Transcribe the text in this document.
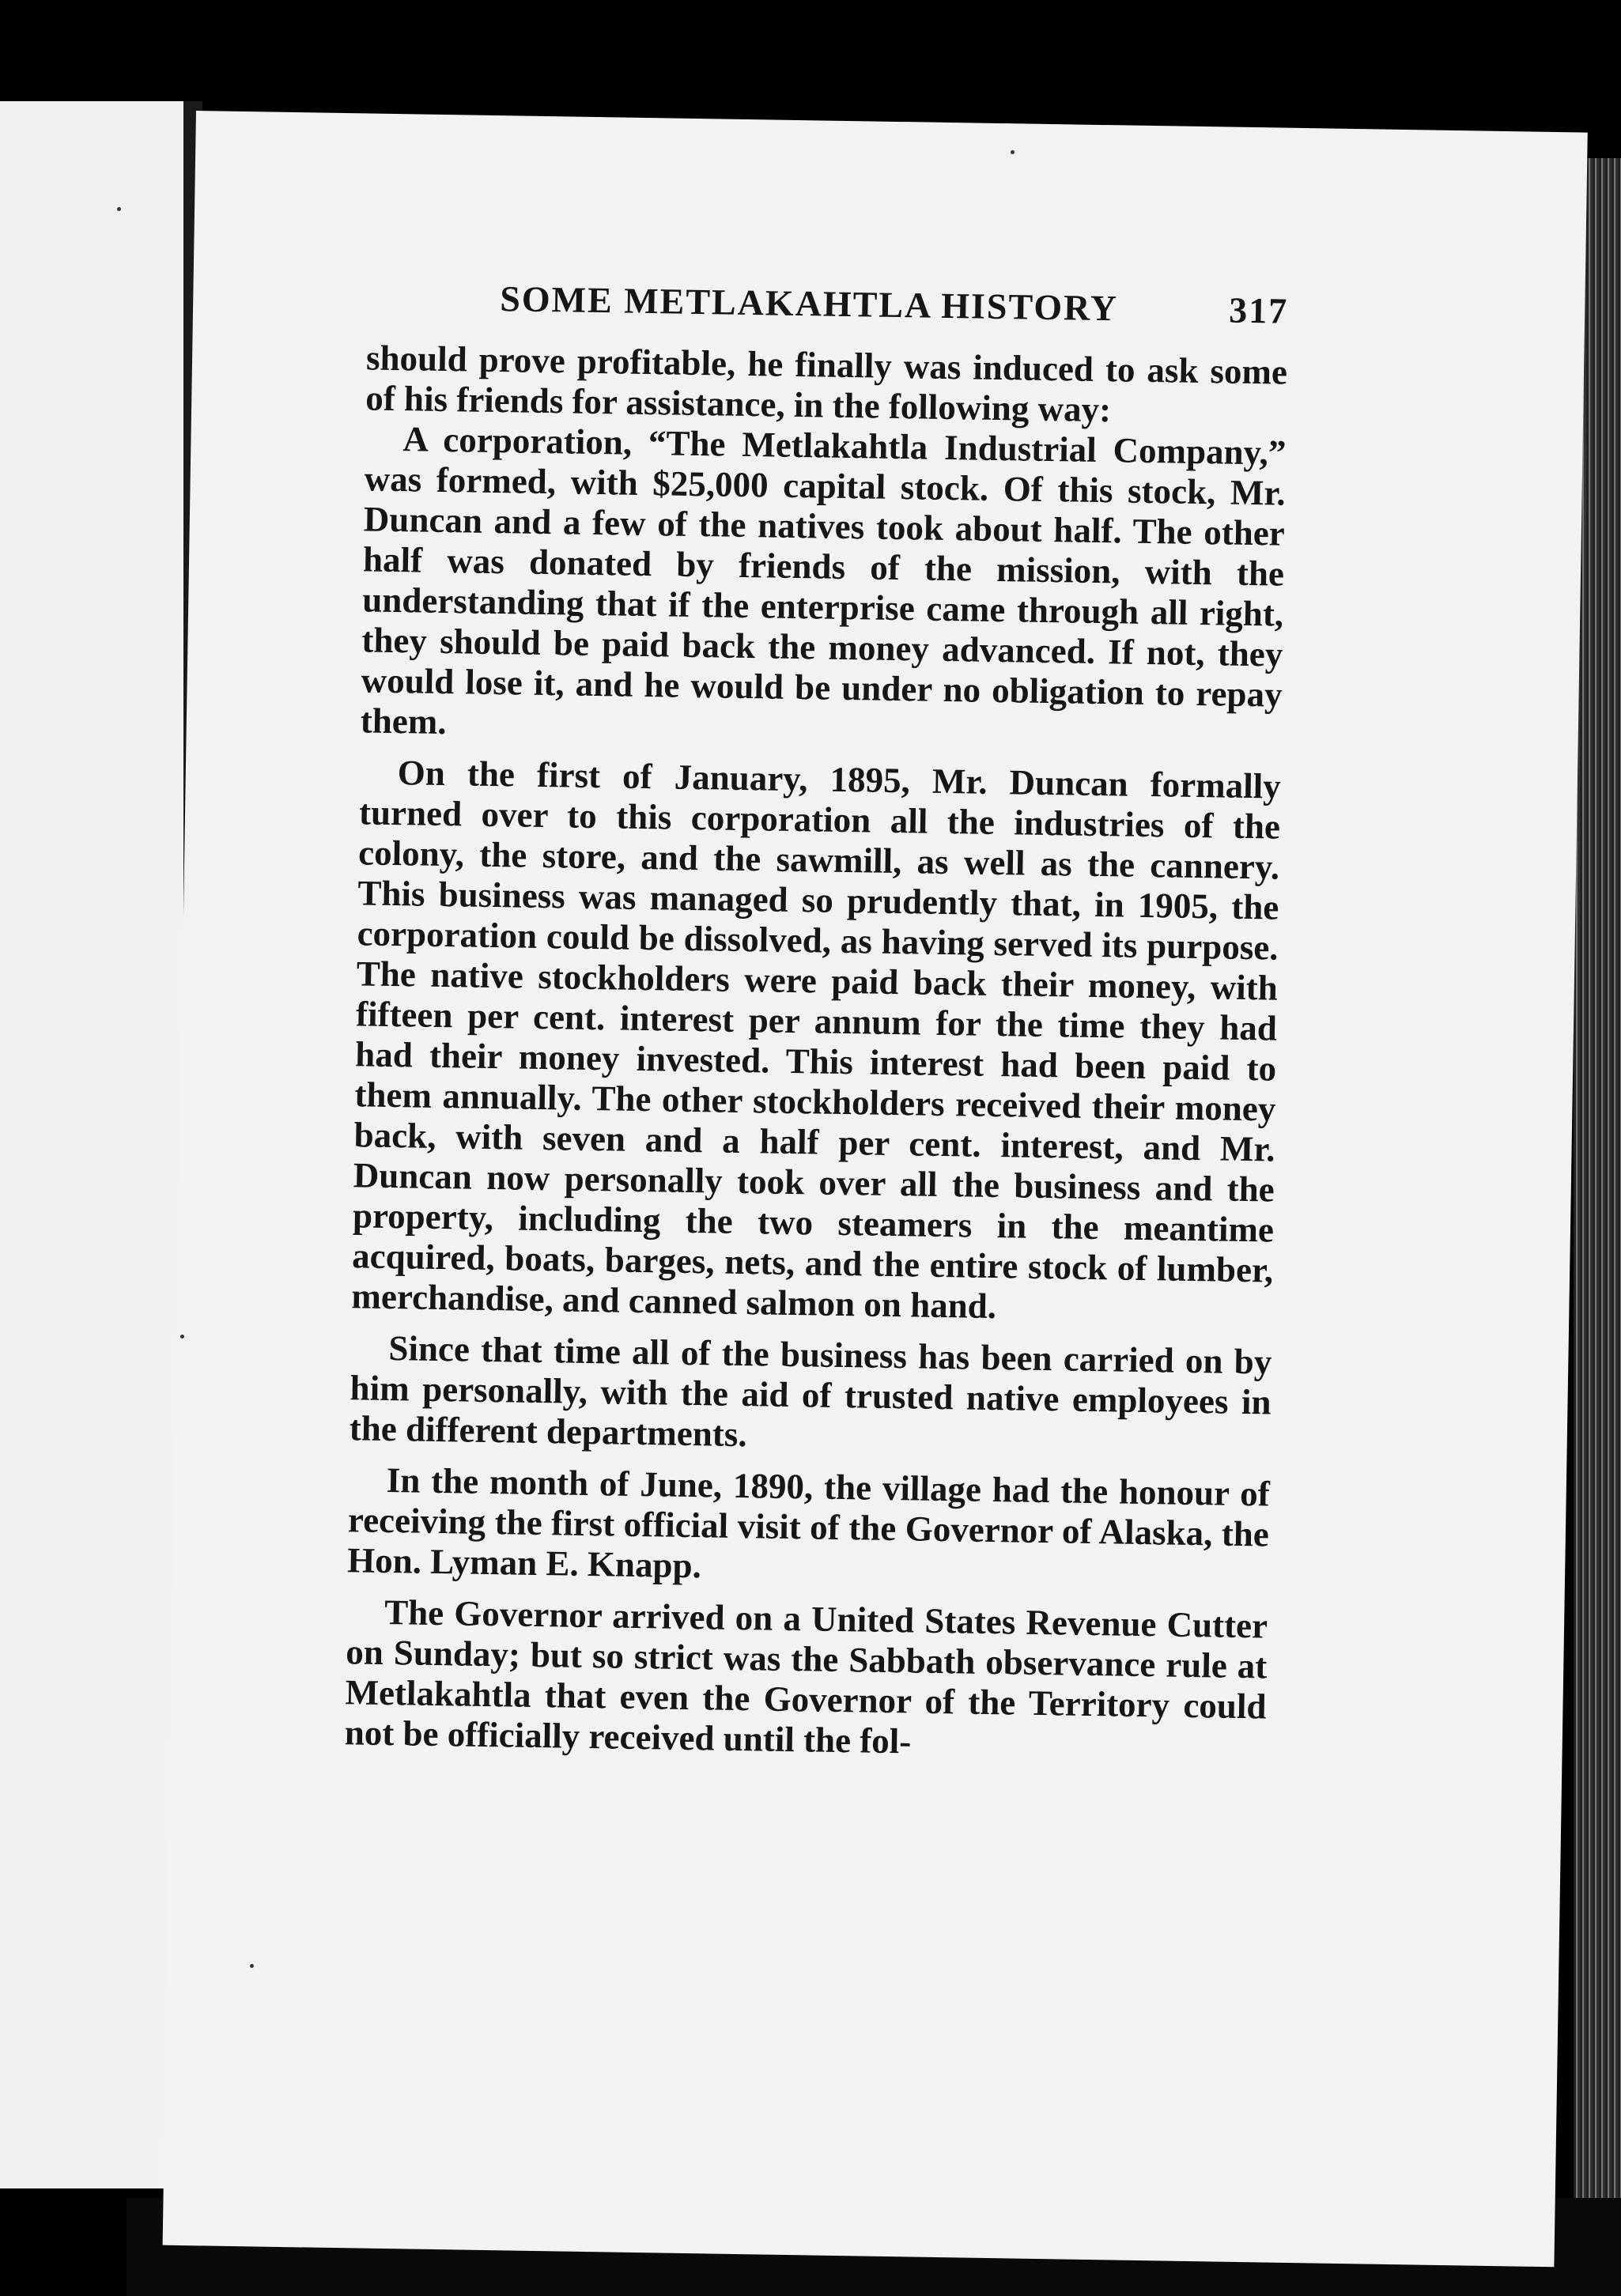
SOME METLAKAHTLA HISTORY	317

should prove profitable, he finally was induced to ask some of his friends for assistance, in the following way:

A corporation, “The Metlakahtla Industrial Company,” was formed, with $25,000 capital stock. Of this stock, Mr. Duncan and a few of the natives took about half. The other half was donated by friends of the mission, with the understanding that if the enterprise came through all right, they should be paid back the money advanced. If not, they would lose it, and he would be under no obligation to repay them.

On the first of January, 1895, Mr. Duncan formally turned over to this corporation all the industries of the colony, the store, and the sawmill, as well as the cannery. This business was managed so prudently that, in 1905, the corporation could be dissolved, as having served its purpose. The native stockholders were paid back their money, with fifteen per cent. interest per annum for the time they had had their money invested. This interest had been paid to them annually. The other stockholders received their money back, with seven and a half per cent. interest, and Mr. Duncan now personally took over all the business and the property, including the two steamers in the meantime acquired, boats, barges, nets, and the entire stock of lumber, merchandise, and canned salmon on hand.

Since that time all of the business has been carried on by him personally, with the aid of trusted native employees in the different departments.

In the month of June, 1890, the village had the honour of receiving the first official visit of the Governor of Alaska, the Hon. Lyman E. Knapp.

The Governor arrived on a United States Revenue Cutter on Sunday; but so strict was the Sabbath observance rule at Metlakahtla that even the Governor of the Territory could not be officially received until the fol-
